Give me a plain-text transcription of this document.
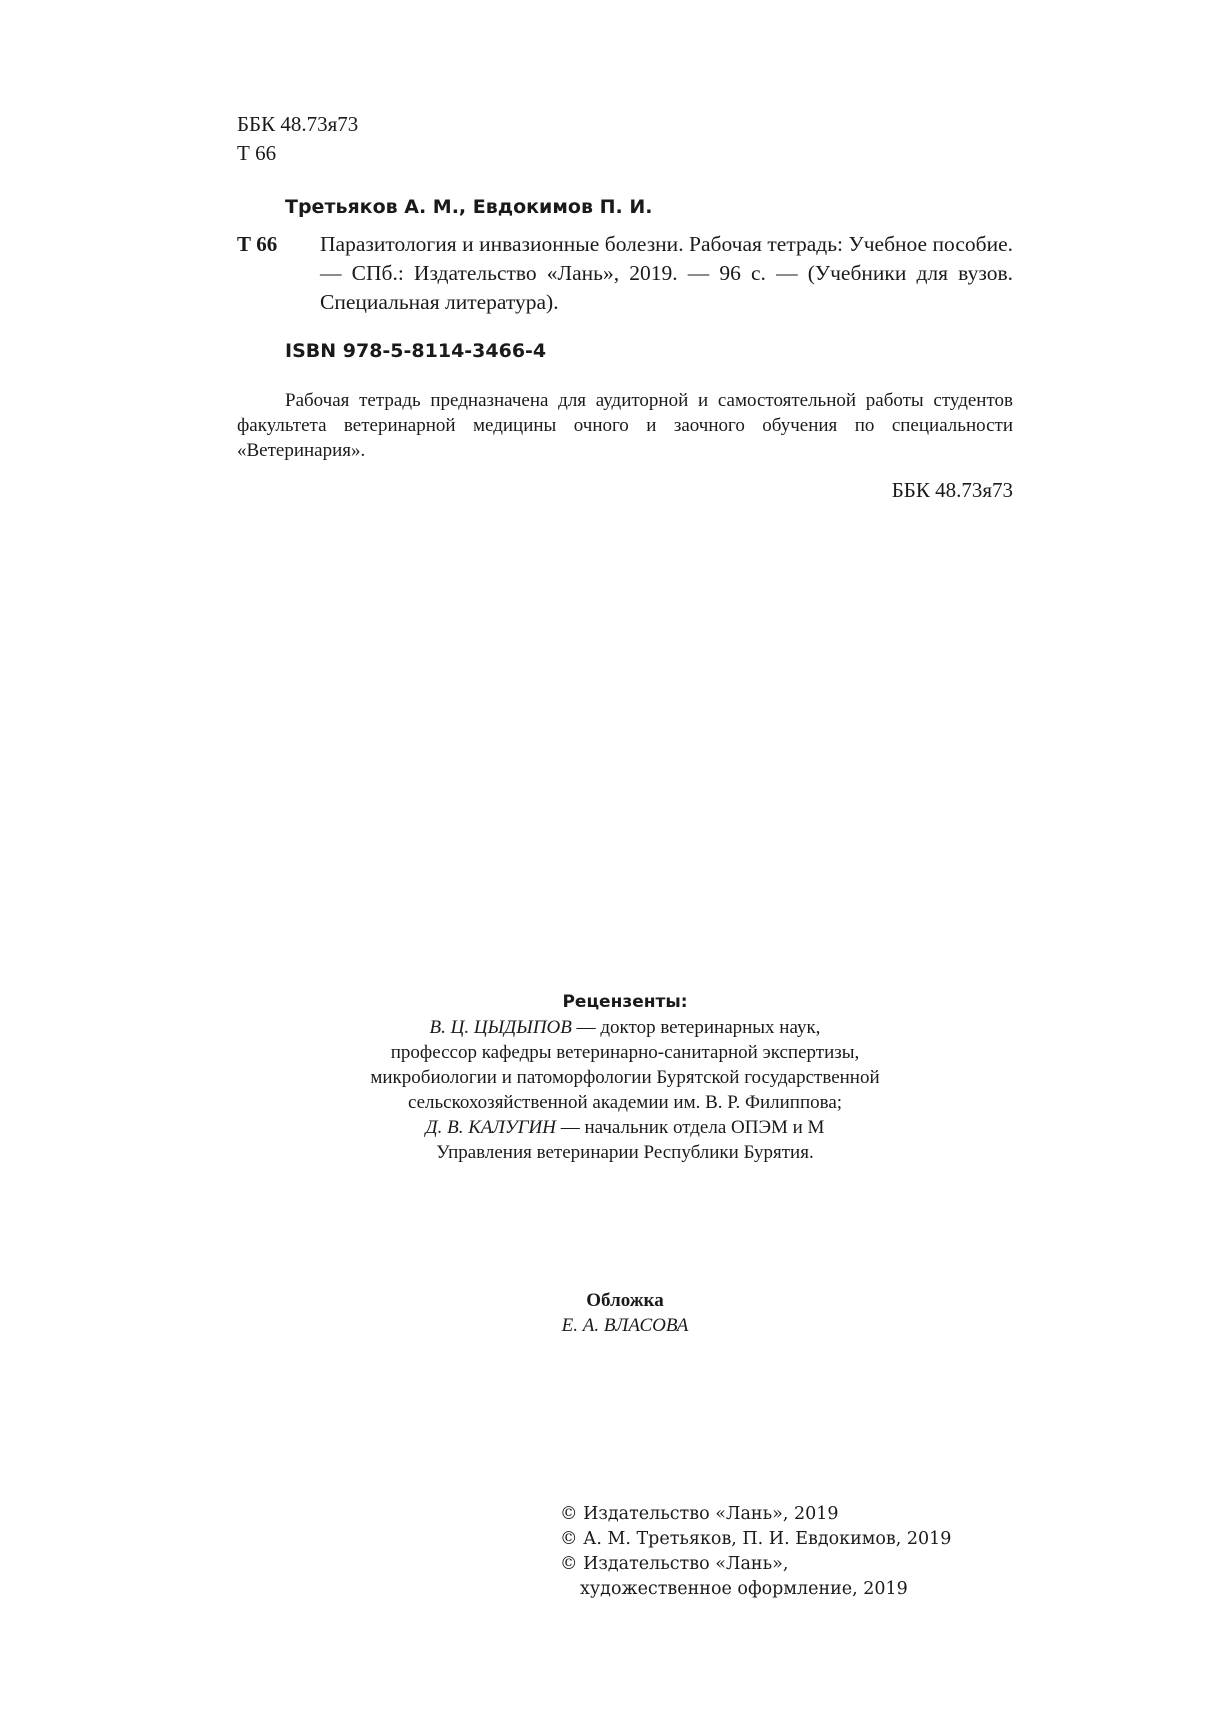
ББК 48.73я73
Т 66
Третьяков А. М., Евдокимов П. И.
Т 66 Паразитология и инвазионные болезни. Рабочая тетрадь: Учебное пособие. — СПб.: Издательство «Лань», 2019. — 96 с. — (Учебники для вузов. Специальная литература).
ISBN 978-5-8114-3466-4
Рабочая тетрадь предназначена для аудиторной и самостоятельной работы студентов факультета ветеринарной медицины очного и заочного обучения по специальности «Ветеринария».
ББК 48.73я73
Рецензенты:
В. Ц. ЦЫДЫПОВ — доктор ветеринарных наук,
профессор кафедры ветеринарно-санитарной экспертизы,
микробиологии и патоморфологии Бурятской государственной
сельскохозяйственной академии им. В. Р. Филиппова;
Д. В. КАЛУГИН — начальник отдела ОПЭМ и М
Управления ветеринарии Республики Бурятия.
Обложка
Е. А. ВЛАСОВА
© Издательство «Лань», 2019
© А. М. Третьяков, П. И. Евдокимов, 2019
© Издательство «Лань»,
художественное оформление, 2019
